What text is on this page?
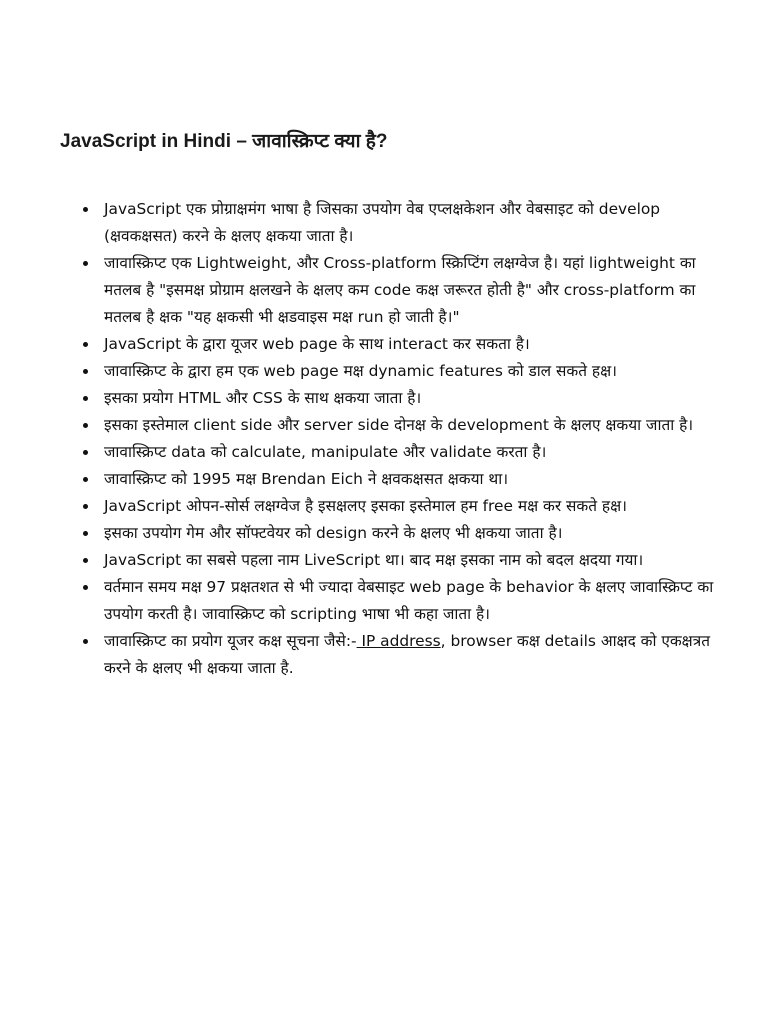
JavaScript in Hindi – जावास्क्रिप्ट क्या है?
JavaScript एक प्रोग्राक्षमंग भाषा है जिसका उपयोग वेब एप्लक्षकेशन और वेबसाइट को develop (क्षवकक्षसत) करने के क्षलए क्षकया जाता है।
जावास्क्रिप्ट एक Lightweight, और Cross-platform स्क्रिप्टिंग लक्षग्वेज है। यहां lightweight का मतलब है "इसमक्ष प्रोग्राम क्षलखने के क्षलए कम code कक्ष जरूरत होती है" और cross-platform का मतलब है क्षक "यह क्षकसी भी क्षडवाइस मक्ष run हो जाती है।"
JavaScript के द्वारा यूजर web page के साथ interact कर सकता है।
जावास्क्रिप्ट के द्वारा हम एक web page मक्ष dynamic features को डाल सकते हक्ष।
इसका प्रयोग HTML और CSS के साथ क्षकया जाता है।
इसका इस्तेमाल client side और server side दोनक्ष के development के क्षलए क्षकया जाता है।
जावास्क्रिप्ट data को calculate, manipulate और validate करता है।
जावास्क्रिप्ट को 1995 मक्ष Brendan Eich ने क्षवकक्षसत क्षकया था।
JavaScript ओपन-सोर्स लक्षग्वेज है इसक्षलए इसका इस्तेमाल हम free मक्ष कर सकते हक्ष।
इसका उपयोग गेम और सॉफ्टवेयर को design करने के क्षलए भी क्षकया जाता है।
JavaScript का सबसे पहला नाम LiveScript था। बाद मक्ष इसका नाम को बदल क्षदया गया।
वर्तमान समय मक्ष 97 प्रक्षतशत से भी ज्यादा वेबसाइट web page के behavior के क्षलए जावास्क्रिप्ट का उपयोग करती है। जावास्क्रिप्ट को scripting भाषा भी कहा जाता है।
जावास्क्रिप्ट का प्रयोग यूजर कक्ष सूचना जैसे:- IP address, browser कक्ष details आक्षद को एकक्षत्रत करने के क्षलए भी क्षकया जाता है.
